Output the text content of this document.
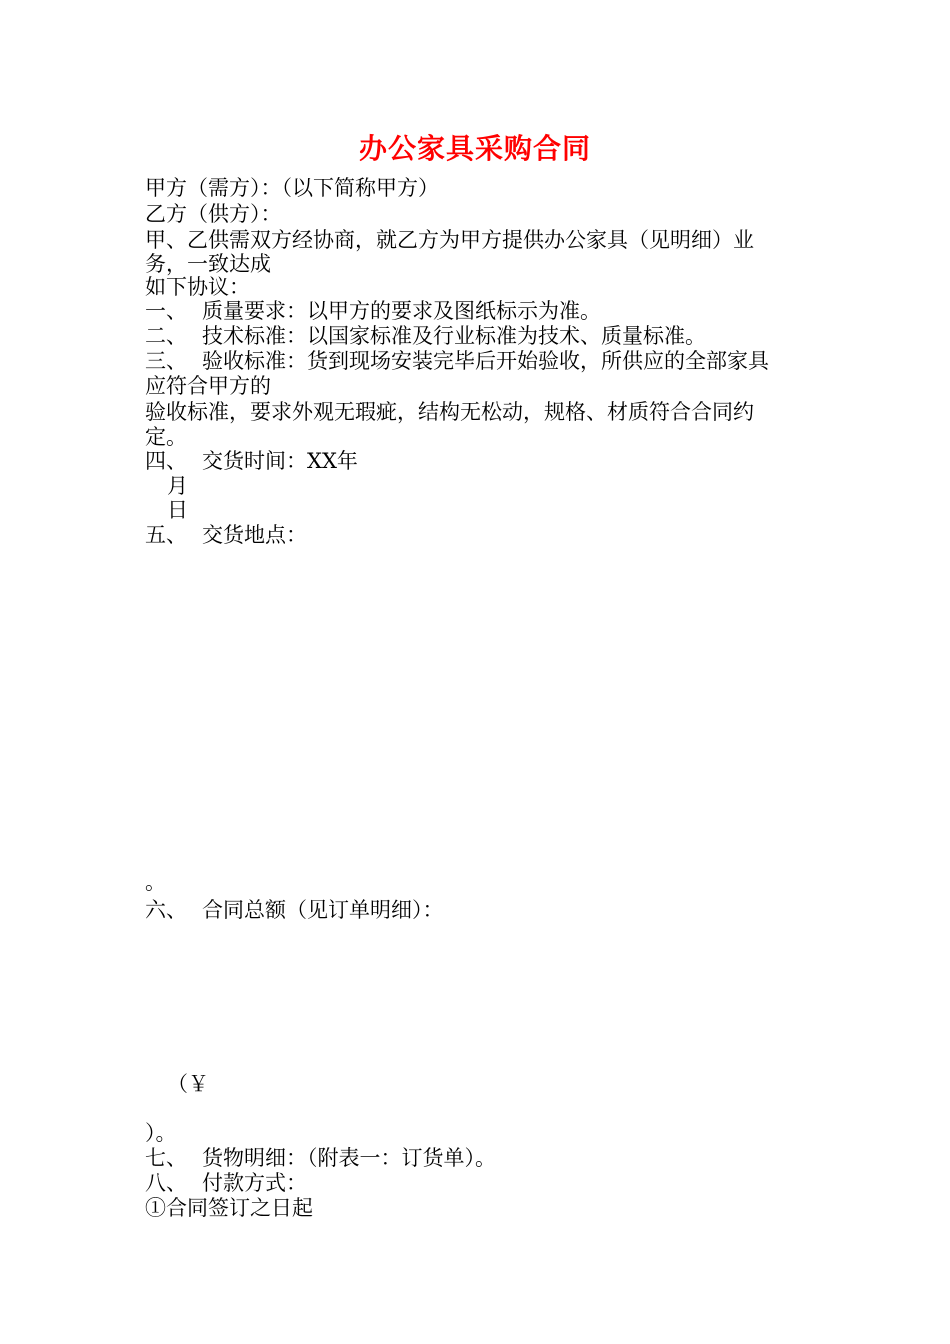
办公家具采购合同
甲方（需方）：（以下简称甲方）
乙方（供方）：
甲、乙供需双方经协商，就乙方为甲方提供办公家具（见明细）业
务，一致达成
如下协议：
一、 质量要求：以甲方的要求及图纸标示为准。
二、 技术标准：以国家标准及行业标准为技术、质量标准。
三、 验收标准：货到现场安装完毕后开始验收，所供应的全部家具
应符合甲方的
验收标准，要求外观无瑕疵，结构无松动，规格、材质符合合同约
定。
四、 交货时间：XX年
月
日
五、 交货地点：
。
六、 合同总额（见订单明细）：
（￥
）。
七、 货物明细：（附表一：订货单）。
八、 付款方式：
①合同签订之日起
